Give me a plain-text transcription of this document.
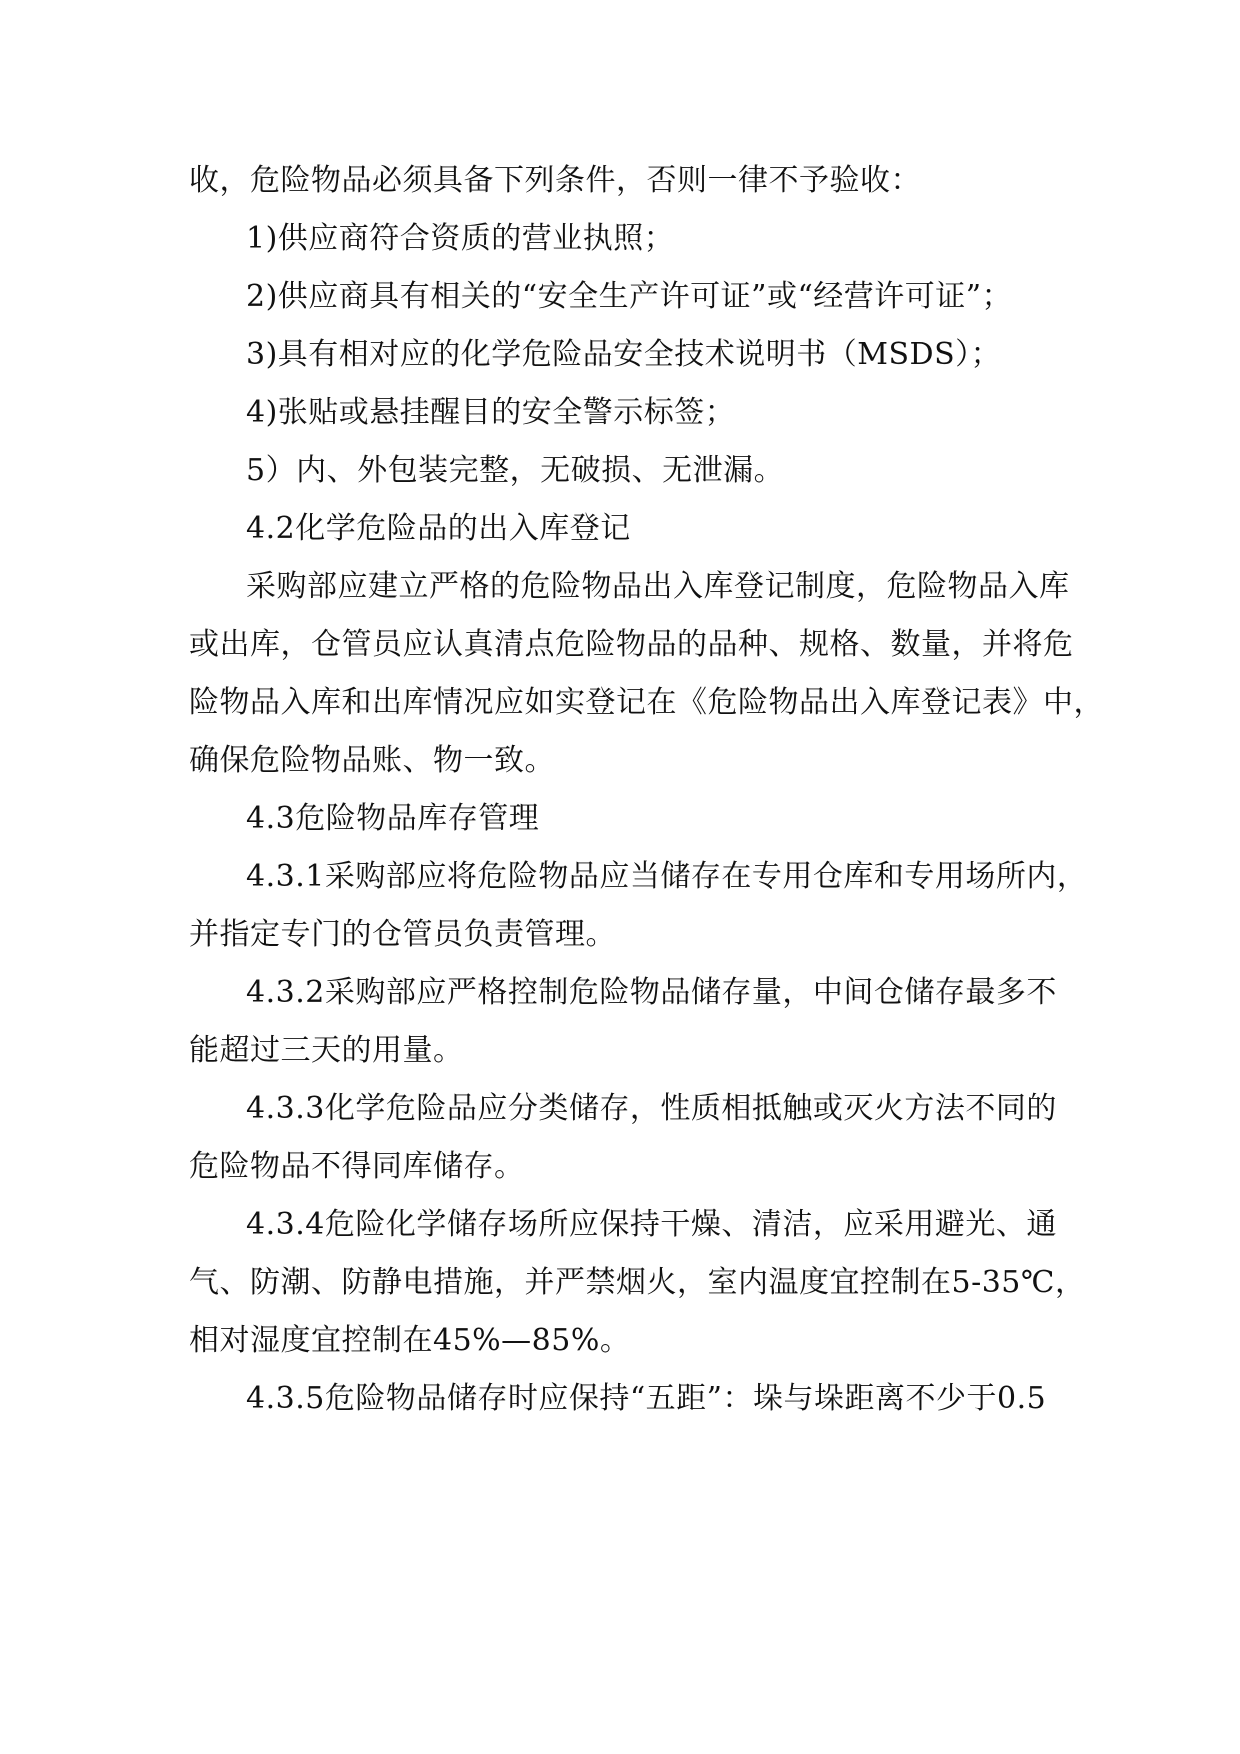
收，危险物品必须具备下列条件，否则一律不予验收：
1)供应商符合资质的营业执照；
2)供应商具有相关的“安全生产许可证”或“经营许可证”；
3)具有相对应的化学危险品安全技术说明书（MSDS）；
4)张贴或悬挂醒目的安全警示标签；
5）内、外包装完整，无破损、无泄漏。
4.2化学危险品的出入库登记
采购部应建立严格的危险物品出入库登记制度，危险物品入库
或出库，仓管员应认真清点危险物品的品种、规格、数量，并将危
险物品入库和出库情况应如实登记在《危险物品出入库登记表》中，
确保危险物品账、物一致。
4.3危险物品库存管理
4.3.1采购部应将危险物品应当储存在专用仓库和专用场所内，
并指定专门的仓管员负责管理。
4.3.2采购部应严格控制危险物品储存量，中间仓储存最多不
能超过三天的用量。
4.3.3化学危险品应分类储存，性质相抵触或灭火方法不同的
危险物品不得同库储存。
4.3.4危险化学储存场所应保持干燥、清洁，应采用避光、通
气、防潮、防静电措施，并严禁烟火，室内温度宜控制在5-35℃，
相对湿度宜控制在45%—85%。
4.3.5危险物品储存时应保持“五距”：垛与垛距离不少于0.5
